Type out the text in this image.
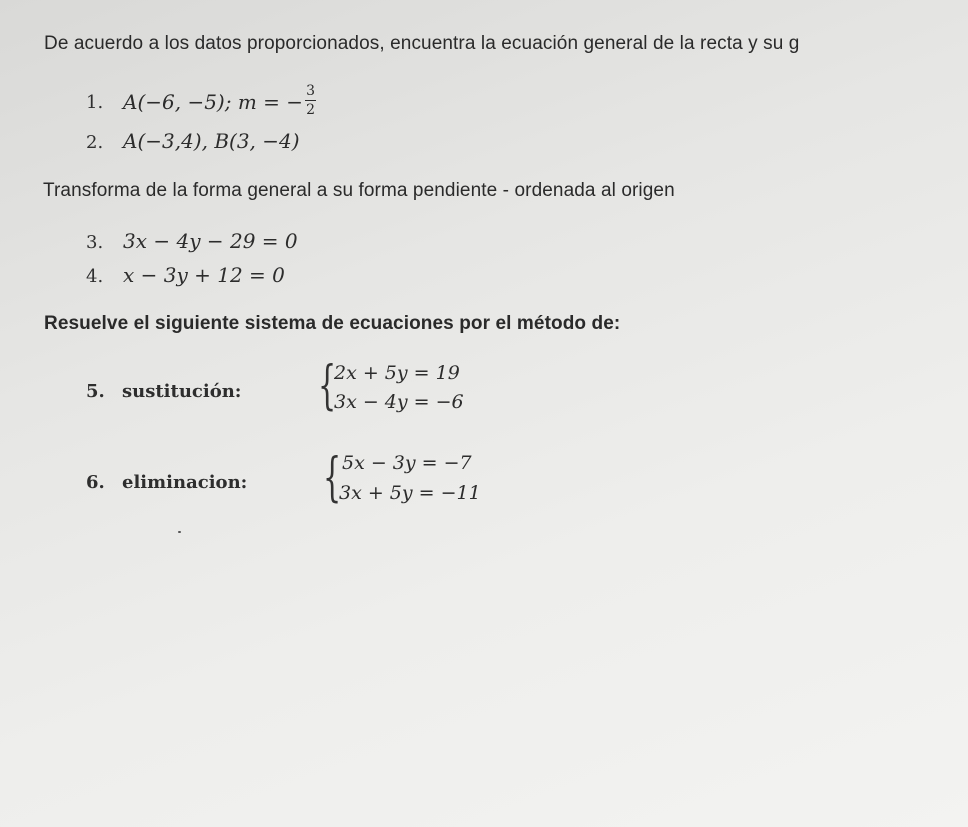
De acuerdo a los datos proporcionados, encuentra la ecuación general de la recta y su g
1. A(−6, −5); m = − $\frac{3}{2}$
2. A(−3,4), B(3, −4)
Transforma de la forma general a su forma pendiente - ordenada al origen
3. 3x − 4y − 29 = 0
4. x − 3y + 12 = 0
Resuelve el siguiente sistema de ecuaciones por el método de:
5. sustitución: {
2x + 5y = 19
3x − 4y = −6
6. eliminacion: { 5x − 3y = −7
3x + 5y = −11
